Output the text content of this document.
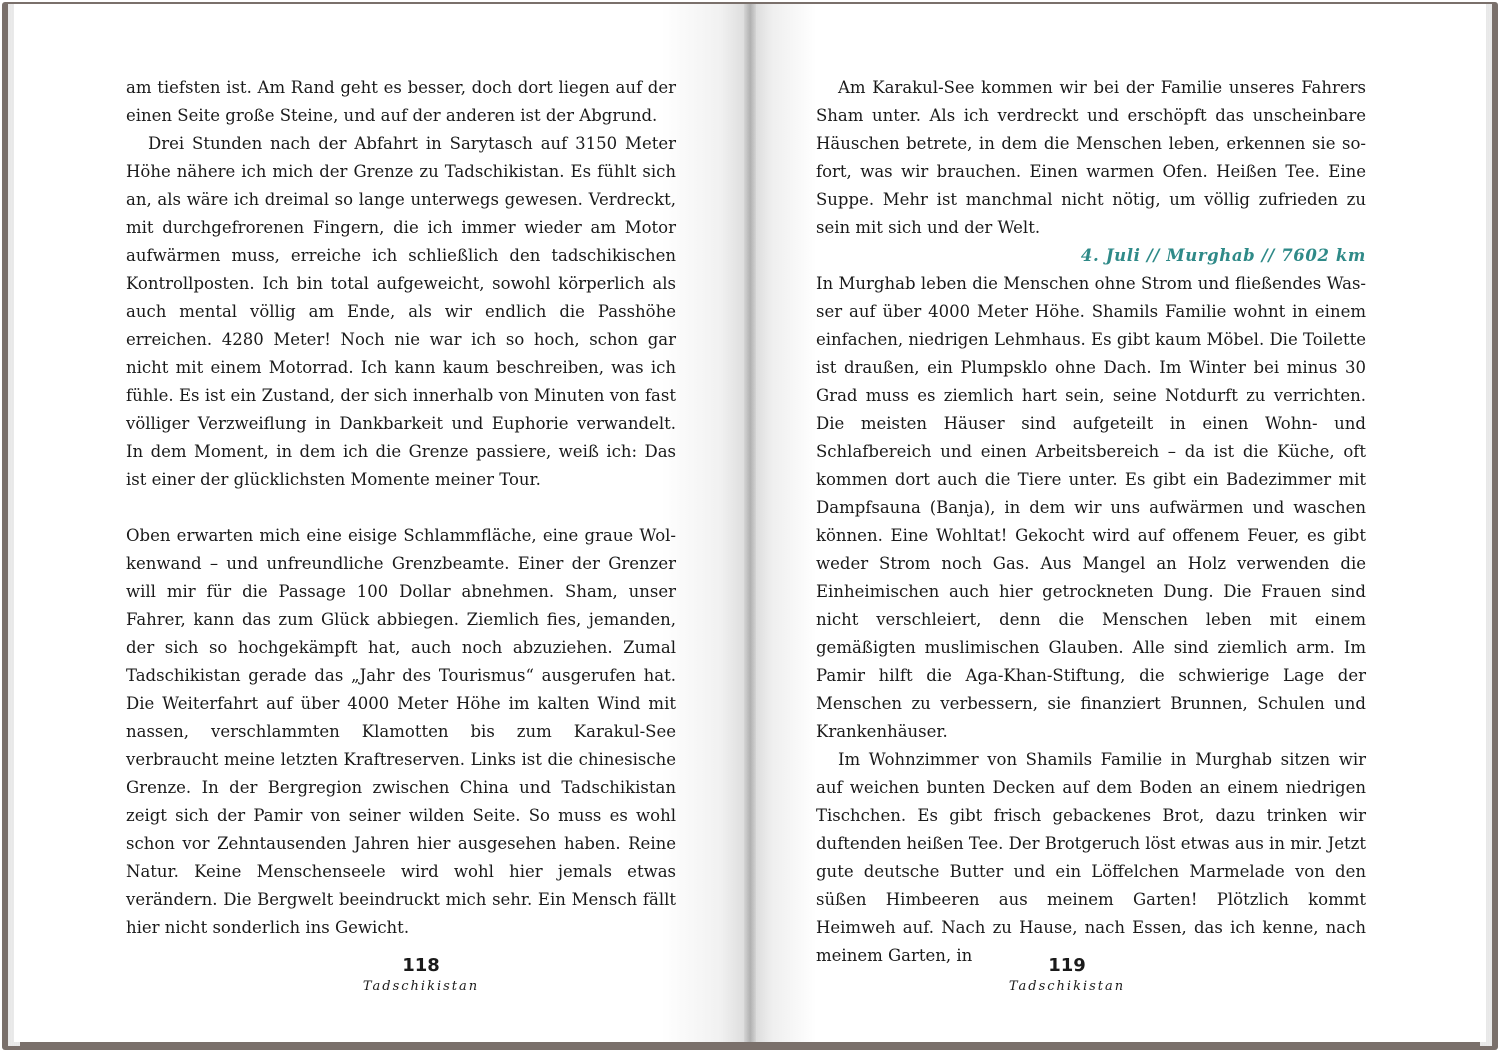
am tiefsten ist. Am Rand geht es besser, doch dort liegen auf der einen Seite große Steine, und auf der anderen ist der Abgrund.

Drei Stunden nach der Abfahrt in Sarytasch auf 3150 Meter Höhe nähere ich mich der Grenze zu Tadschikistan. Es fühlt sich an, als wäre ich dreimal so lange unterwegs gewesen. Verdreckt, mit durchgefrorenen Fingern, die ich immer wieder am Motor aufwärmen muss, erreiche ich schließlich den tadschikischen Kontrollposten. Ich bin total aufgeweicht, sowohl körperlich als auch mental völlig am Ende, als wir endlich die Passhöhe erreichen. 4280 Meter! Noch nie war ich so hoch, schon gar nicht mit einem Motorrad. Ich kann kaum beschreiben, was ich fühle. Es ist ein Zustand, der sich innerhalb von Minuten von fast völliger Verzweiflung in Dankbarkeit und Euphorie verwandelt. In dem Moment, in dem ich die Grenze passiere, weiß ich: Das ist einer der glücklichsten Momente meiner Tour.

Oben erwarten mich eine eisige Schlammfläche, eine graue Wolkenwand – und unfreundliche Grenzbeamte. Einer der Grenzer will mir für die Passage 100 Dollar abnehmen. Sham, unser Fahrer, kann das zum Glück abbiegen. Ziemlich fies, jemanden, der sich so hochgekämpft hat, auch noch abzuziehen. Zumal Tadschikistan gerade das „Jahr des Tourismus“ ausgerufen hat. Die Weiterfahrt auf über 4000 Meter Höhe im kalten Wind mit nassen, verschlammten Klamotten bis zum Karakul-See verbraucht meine letzten Kraftreserven. Links ist die chinesische Grenze. In der Bergregion zwischen China und Tadschikistan zeigt sich der Pamir von seiner wilden Seite. So muss es wohl schon vor Zehntausenden Jahren hier ausgesehen haben. Reine Natur. Keine Menschenseele wird wohl hier jemals etwas verändern. Die Bergwelt beeindruckt mich sehr. Ein Mensch fällt hier nicht sonderlich ins Gewicht.

118
Tadschikistan

Am Karakul-See kommen wir bei der Familie unseres Fahrers Sham unter. Als ich verdreckt und erschöpft das unscheinbare Häuschen betrete, in dem die Menschen leben, erkennen sie sofort, was wir brauchen. Einen warmen Ofen. Heißen Tee. Eine Suppe. Mehr ist manchmal nicht nötig, um völlig zufrieden zu sein mit sich und der Welt.

4. Juli // Murghab // 7602 km

In Murghab leben die Menschen ohne Strom und fließendes Wasser auf über 4000 Meter Höhe. Shamils Familie wohnt in einem einfachen, niedrigen Lehmhaus. Es gibt kaum Möbel. Die Toilette ist draußen, ein Plumpsklo ohne Dach. Im Winter bei minus 30 Grad muss es ziemlich hart sein, seine Notdurft zu verrichten. Die meisten Häuser sind aufgeteilt in einen Wohn- und Schlafbereich und einen Arbeitsbereich – da ist die Küche, oft kommen dort auch die Tiere unter. Es gibt ein Badezimmer mit Dampfsauna (Banja), in dem wir uns aufwärmen und waschen können. Eine Wohltat! Gekocht wird auf offenem Feuer, es gibt weder Strom noch Gas. Aus Mangel an Holz verwenden die Einheimischen auch hier getrockneten Dung. Die Frauen sind nicht verschleiert, denn die Menschen leben mit einem gemäßigten muslimischen Glauben. Alle sind ziemlich arm. Im Pamir hilft die Aga-Khan-Stiftung, die schwierige Lage der Menschen zu verbessern, sie finanziert Brunnen, Schulen und Krankenhäuser.

Im Wohnzimmer von Shamils Familie in Murghab sitzen wir auf weichen bunten Decken auf dem Boden an einem niedrigen Tischchen. Es gibt frisch gebackenes Brot, dazu trinken wir duftenden heißen Tee. Der Brotgeruch löst etwas aus in mir. Jetzt gute deutsche Butter und ein Löffelchen Marmelade von den süßen Himbeeren aus meinem Garten! Plötzlich kommt Heimweh auf. Nach zu Hause, nach Essen, das ich kenne, nach meinem Garten, in	119
Tadschikistan
